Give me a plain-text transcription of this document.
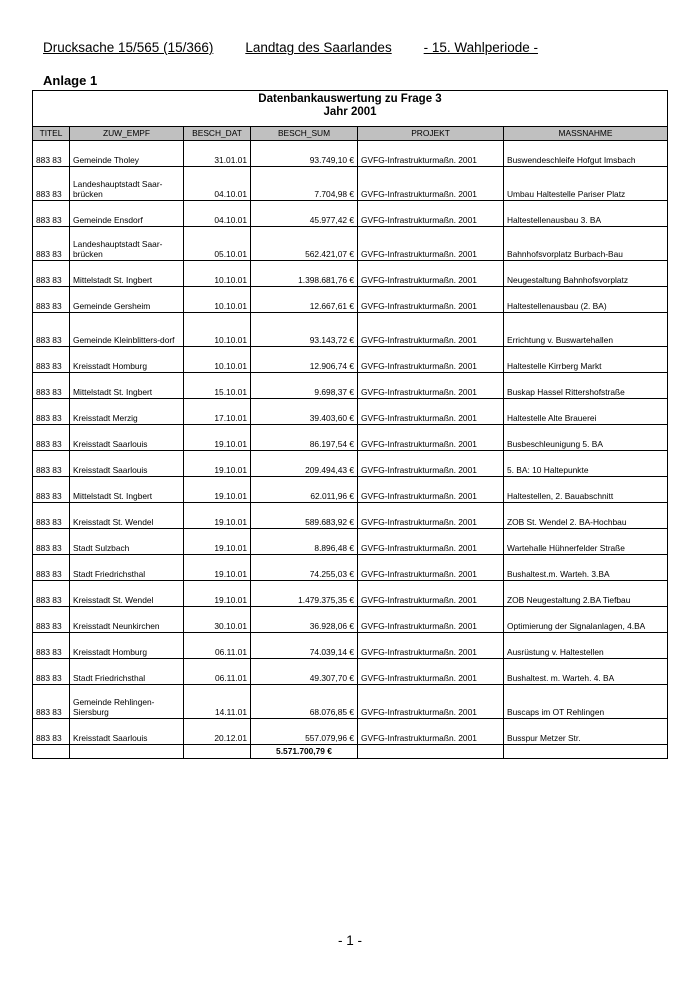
Drucksache 15/565 (15/366) Landtag des Saarlandes - 15. Wahlperiode -
Anlage 1
Datenbankauswertung zu Frage 3
Jahr 2001					

TITEL	ZUW_EMPF	BESCH_DAT	BESCH_SUM	PROJEKT	MASSNAHME

883 83	Gemeinde Tholey	31.01.01	93.749,10 €	GVFG-Infrastrukturmaßn. 2001	Buswendeschleife Hofgut Imsbach

883 83	Landeshauptstadt Saar-brücken	04.10.01	7.704,98 €	GVFG-Infrastrukturmaßn. 2001	Umbau Haltestelle Pariser Platz

883 83	Gemeinde Ensdorf	04.10.01	45.977,42 €	GVFG-Infrastrukturmaßn. 2001	Haltestellenausbau 3. BA

883 83	Landeshauptstadt Saar-brücken	05.10.01	562.421,07 €	GVFG-Infrastrukturmaßn. 2001	Bahnhofsvorplatz Burbach-Bau

883 83	Mittelstadt St. Ingbert	10.10.01	1.398.681,76 €	GVFG-Infrastrukturmaßn. 2001	Neugestaltung Bahnhofsvorplatz

883 83	Gemeinde Gersheim	10.10.01	12.667,61 €	GVFG-Infrastrukturmaßn. 2001	Haltestellenausbau (2. BA)

883 83	Gemeinde Kleinblitters-dorf	10.10.01	93.143,72 €	GVFG-Infrastrukturmaßn. 2001	Errichtung v. Buswartehallen

883 83	Kreisstadt Homburg	10.10.01	12.906,74 €	GVFG-Infrastrukturmaßn. 2001	Haltestelle Kirrberg Markt

883 83	Mittelstadt St. Ingbert	15.10.01	9.698,37 €	GVFG-Infrastrukturmaßn. 2001	Buskap Hassel Rittershofstraße

883 83	Kreisstadt Merzig	17.10.01	39.403,60 €	GVFG-Infrastrukturmaßn. 2001	Haltestelle Alte Brauerei

883 83	Kreisstadt Saarlouis	19.10.01	86.197,54 €	GVFG-Infrastrukturmaßn. 2001	Busbeschleunigung 5. BA

883 83	Kreisstadt Saarlouis	19.10.01	209.494,43 €	GVFG-Infrastrukturmaßn. 2001	5. BA: 10 Haltepunkte

883 83	Mittelstadt St. Ingbert	19.10.01	62.011,96 €	GVFG-Infrastrukturmaßn. 2001	Haltestellen, 2. Bauabschnitt

883 83	Kreisstadt St. Wendel	19.10.01	589.683,92 €	GVFG-Infrastrukturmaßn. 2001	ZOB St. Wendel 2. BA-Hochbau

883 83	Stadt Sulzbach	19.10.01	8.896,48 €	GVFG-Infrastrukturmaßn. 2001	Wartehalle Hühnerfelder Straße

883 83	Stadt Friedrichsthal	19.10.01	74.255,03 €	GVFG-Infrastrukturmaßn. 2001	Bushaltest.m. Warteh. 3.BA

883 83	Kreisstadt St. Wendel	19.10.01	1.479.375,35 €	GVFG-Infrastrukturmaßn. 2001	ZOB Neugestaltung 2.BA Tiefbau

883 83	Kreisstadt Neunkirchen	30.10.01	36.928,06 €	GVFG-Infrastrukturmaßn. 2001	Optimierung der Signalanlagen, 4.BA

883 83	Kreisstadt Homburg	06.11.01	74.039,14 €	GVFG-Infrastrukturmaßn. 2001	Ausrüstung v. Haltestellen

883 83	Stadt Friedrichsthal	06.11.01	49.307,70 €	GVFG-Infrastrukturmaßn. 2001	Bushaltest. m. Warteh. 4. BA

883 83	Gemeinde Rehlingen-Siersburg	14.11.01	68.076,85 €	GVFG-Infrastrukturmaßn. 2001	Buscaps im OT Rehlingen

883 83	Kreisstadt Saarlouis	20.12.01	557.079,96 €	GVFG-Infrastrukturmaßn. 2001	Busspur Metzer Str.
			5.571.700,79 €		
- 1 -
